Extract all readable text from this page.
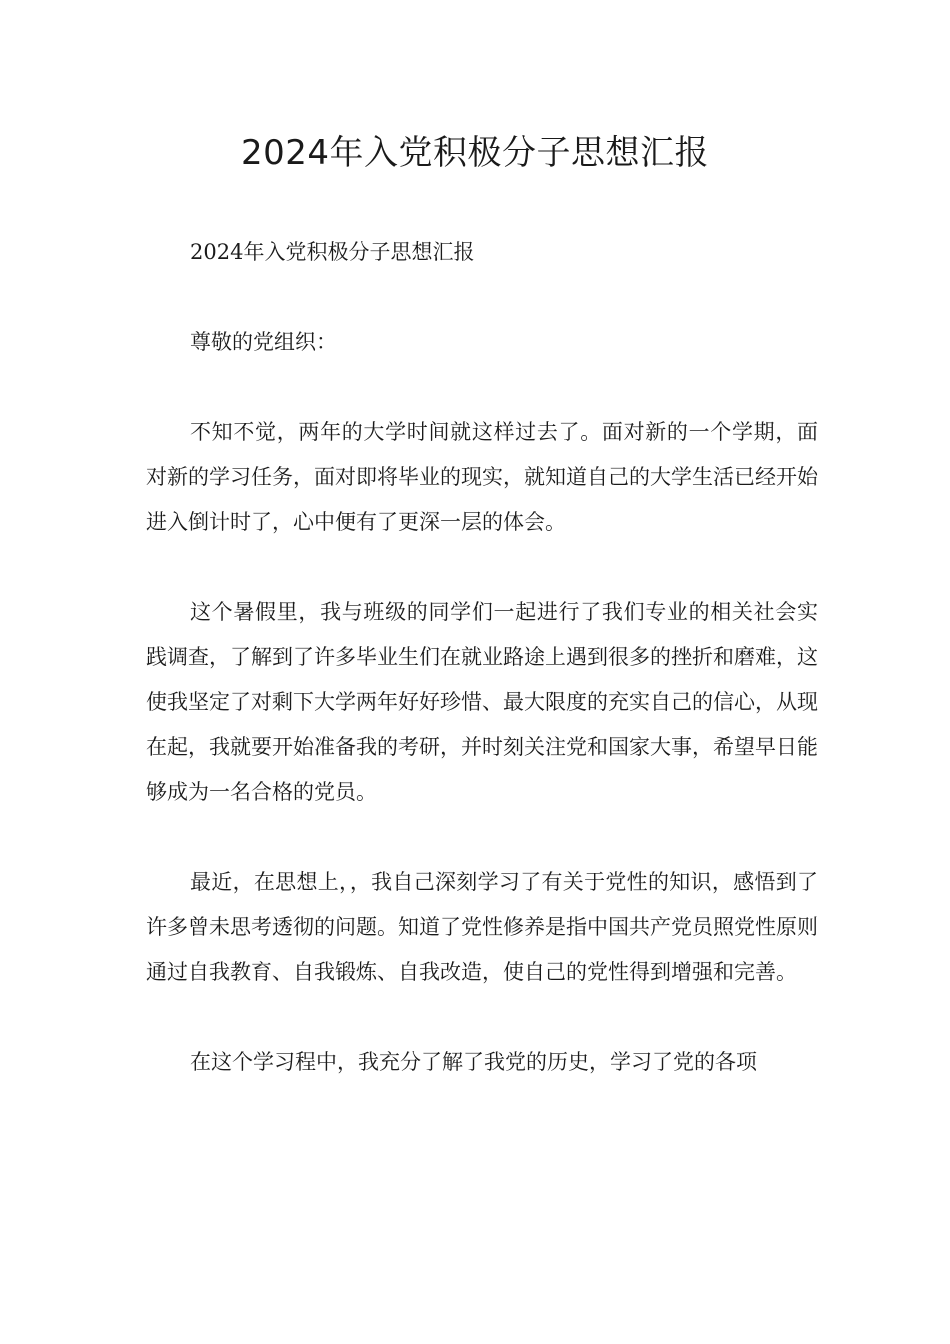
2024年入党积极分子思想汇报

2024年入党积极分子思想汇报

尊敬的党组织：

不知不觉，两年的大学时间就这样过去了。面对新的一个学期，面对新的学习任务，面对即将毕业的现实，就知道自己的大学生活已经开始进入倒计时了，心中便有了更深一层的体会。

这个暑假里，我与班级的同学们一起进行了我们专业的相关社会实践调查，了解到了许多毕业生们在就业路途上遇到很多的挫折和磨难，这使我坚定了对剩下大学两年好好珍惜、最大限度的充实自己的信心，从现在起，我就要开始准备我的考研，并时刻关注党和国家大事，希望早日能够成为一名合格的党员。

最近，在思想上，，我自己深刻学习了有关于党性的知识，感悟到了许多曾未思考透彻的问题。知道了党性修养是指中国共产党员照党性原则通过自我教育、自我锻炼、自我改造，使自己的党性得到增强和完善。

在这个学习程中，我充分了解了我党的历史，学习了党的各项
